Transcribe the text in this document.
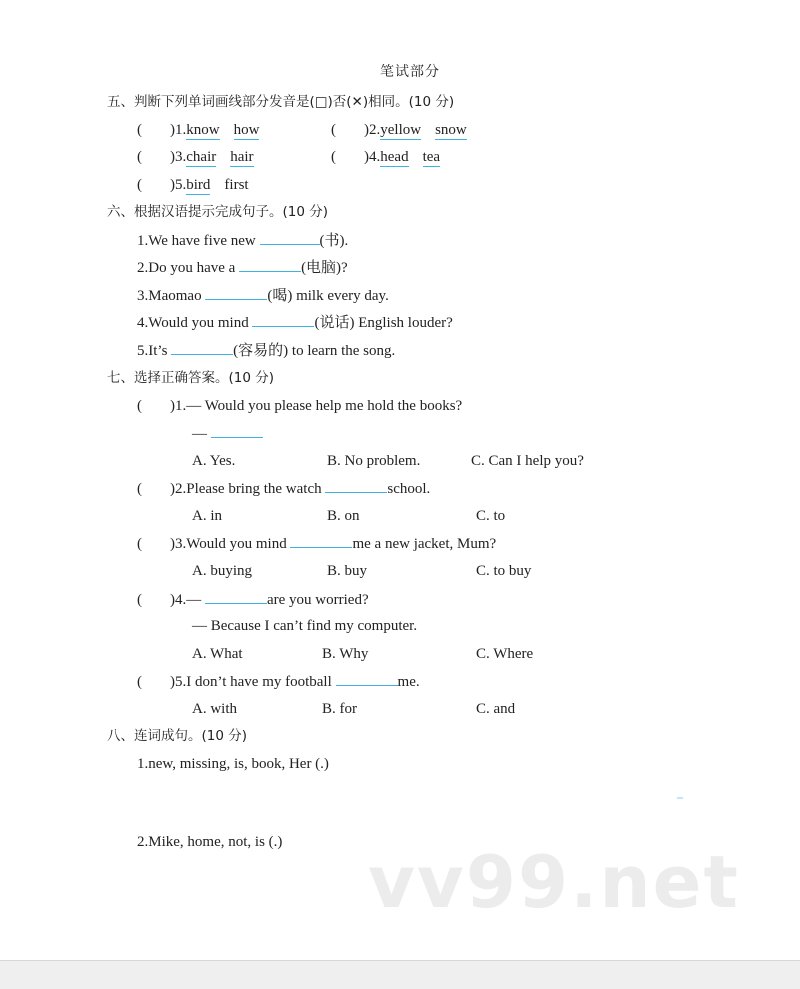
笔试部分
五、判断下列单词画线部分发音是(□)否(✕)相同。(10 分)
( )1.know how	( )2.yellow snow
( )3.chair hair	( )4.head tea
( )5.bird first
六、根据汉语提示完成句子。(10 分)
1.We have five new	(书).
2.Do you have a	(电脑)?
3.Maomao	(喝) milk every day.
4.Would you mind	(说话) English louder?
5.It’s	(容易的) to learn the song.
七、选择正确答案。(10 分)
( )1.— Would you please help me hold the books?
—
A. Yes.	B. No problem.	C. Can I help you?
( )2.Please bring the watch	school.
A. in	B. on	C. to
( )3.Would you mind	me a new jacket, Mum?
A. buying	B. buy	C. to buy
( )4.—	are you worried?
— Because I can’t find my computer.
A. What	B. Why	C. Where
( )5.I don’t have my football	me.
A. with	B. for	C. and
八、连词成句。(10 分)
1.new, missing, is, book, Her (.)
2.Mike, home, not, is (.) vv99.net
